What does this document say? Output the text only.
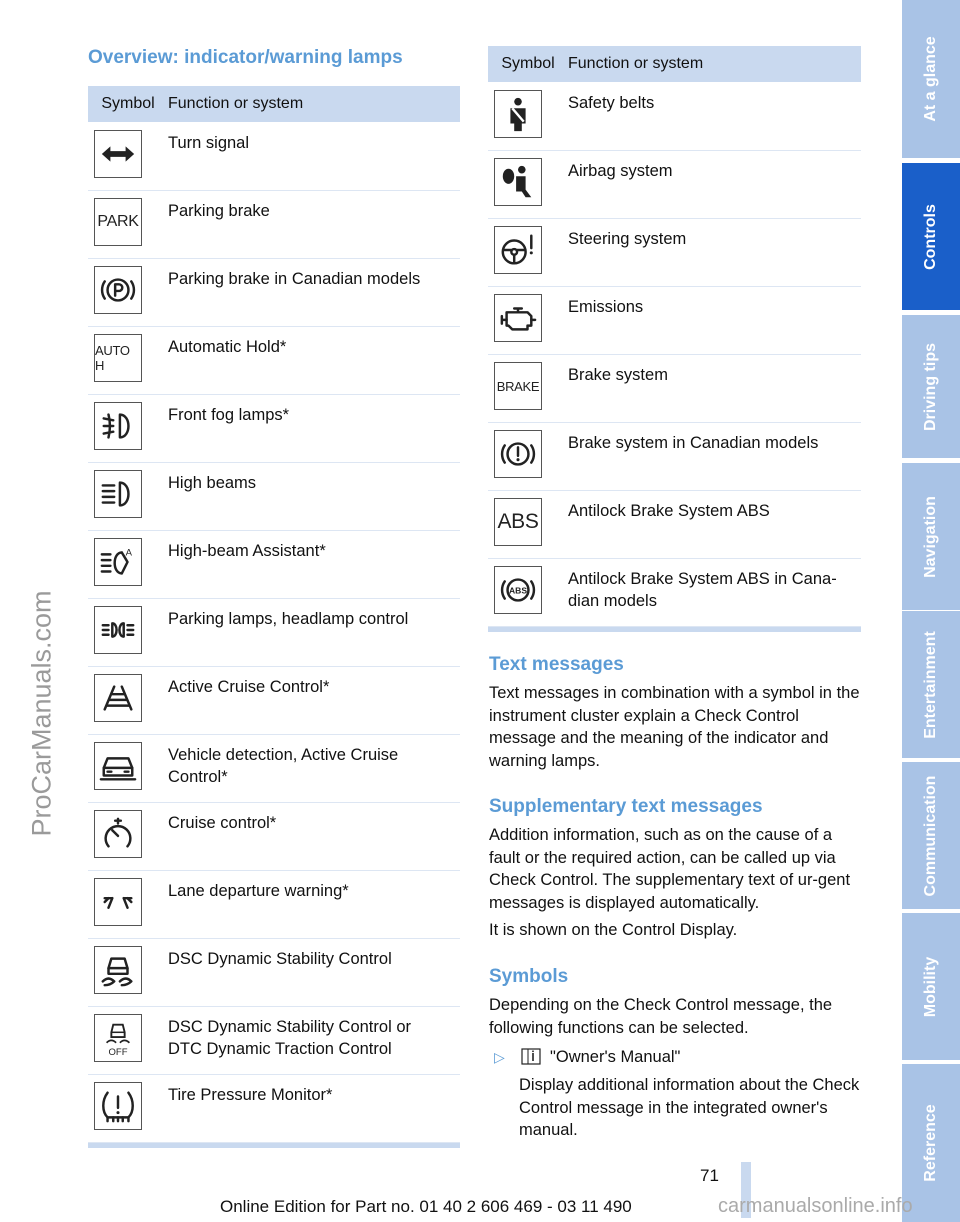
Overview: indicator/warning lamps
Symbol Function or system
Turn signal
PARK
Parking brake
Parking brake in Canadian models
AUTO H
Automatic Hold*
Front fog lamps*
High beams
A High-beam Assistant*
Parking lamps, headlamp control
Active Cruise Control*
Vehicle detection, Active Cruise
Control*
Cruise control*
Lane departure warning*
DSC Dynamic Stability Control
OFF
DSC Dynamic Stability Control or
DTC Dynamic Traction Control
Tire Pressure Monitor*
Symbol Function or system
Safety belts
Airbag system
Steering system
Emissions
BRAKE
Brake system
Brake system in Canadian models
ABS Antilock Brake System ABS
ABS
Antilock Brake System ABS in Cana-
dian models
Text messages
Text messages in combination with a symbol in the instrument cluster explain a Check Control message and the meaning of the indicator and warning lamps.
Supplementary text messages
Addition information, such as on the cause of a fault or the required action, can be called up via Check Control. The supplementary text of ur-gent messages is displayed automatically.
It is shown on the Control Display.
Symbols
Depending on the Check Control message, the following functions can be selected.
▷	"Owner's Manual"
Display additional information about the Check Control message in the integrated owner's manual.
At a glance
Controls
Driving tips
Navigation
Entertainment
Communication
Mobility
Reference
ProCarManuals.com
71
Online Edition for Part no. 01 40 2 606 469 - 03 11 490	carmanualsonline.info
